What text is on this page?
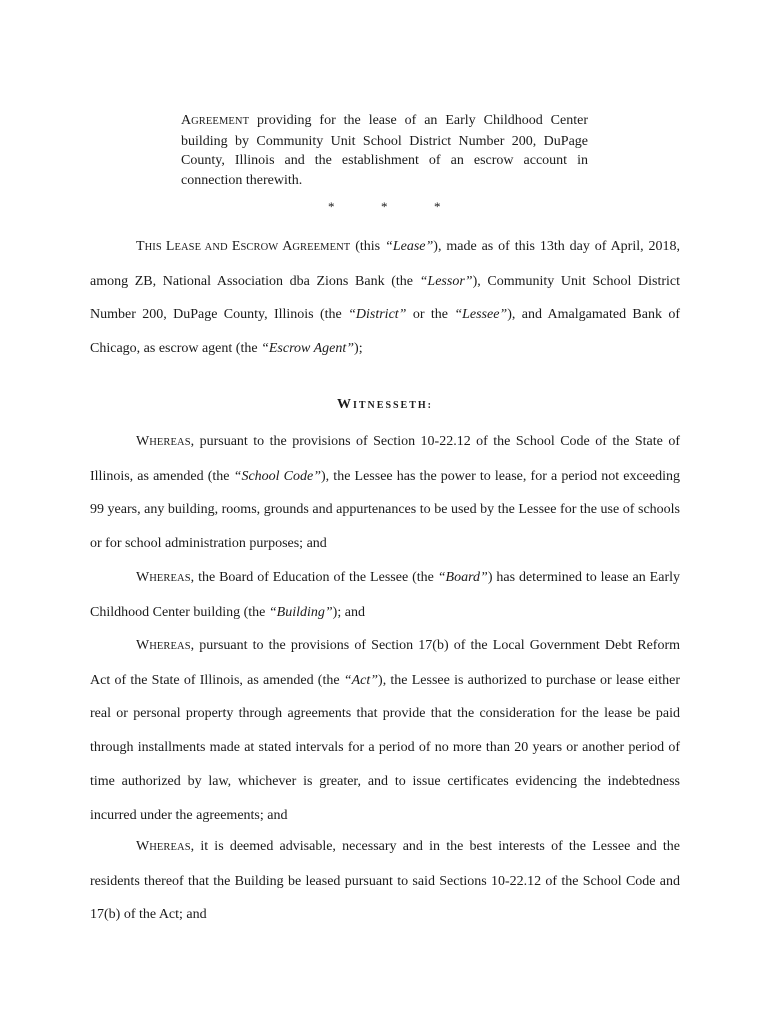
AGREEMENT providing for the lease of an Early Childhood Center building by Community Unit School District Number 200, DuPage County, Illinois and the establishment of an escrow account in connection therewith.
*	*	*
THIS LEASE AND ESCROW AGREEMENT (this “Lease”), made as of this 13th day of April, 2018, among ZB, National Association dba Zions Bank (the “Lessor”), Community Unit School District Number 200, DuPage County, Illinois (the “District” or the “Lessee”), and Amalgamated Bank of Chicago, as escrow agent (the “Escrow Agent”);
WITNESSETH:
WHEREAS, pursuant to the provisions of Section 10-22.12 of the School Code of the State of Illinois, as amended (the “School Code”), the Lessee has the power to lease, for a period not exceeding 99 years, any building, rooms, grounds and appurtenances to be used by the Lessee for the use of schools or for school administration purposes; and
WHEREAS, the Board of Education of the Lessee (the “Board”) has determined to lease an Early Childhood Center building (the “Building”); and
WHEREAS, pursuant to the provisions of Section 17(b) of the Local Government Debt Reform Act of the State of Illinois, as amended (the “Act”), the Lessee is authorized to purchase or lease either real or personal property through agreements that provide that the consideration for the lease be paid through installments made at stated intervals for a period of no more than 20 years or another period of time authorized by law, whichever is greater, and to issue certificates evidencing the indebtedness incurred under the agreements; and
WHEREAS, it is deemed advisable, necessary and in the best interests of the Lessee and the residents thereof that the Building be leased pursuant to said Sections 10-22.12 of the School Code and 17(b) of the Act; and
